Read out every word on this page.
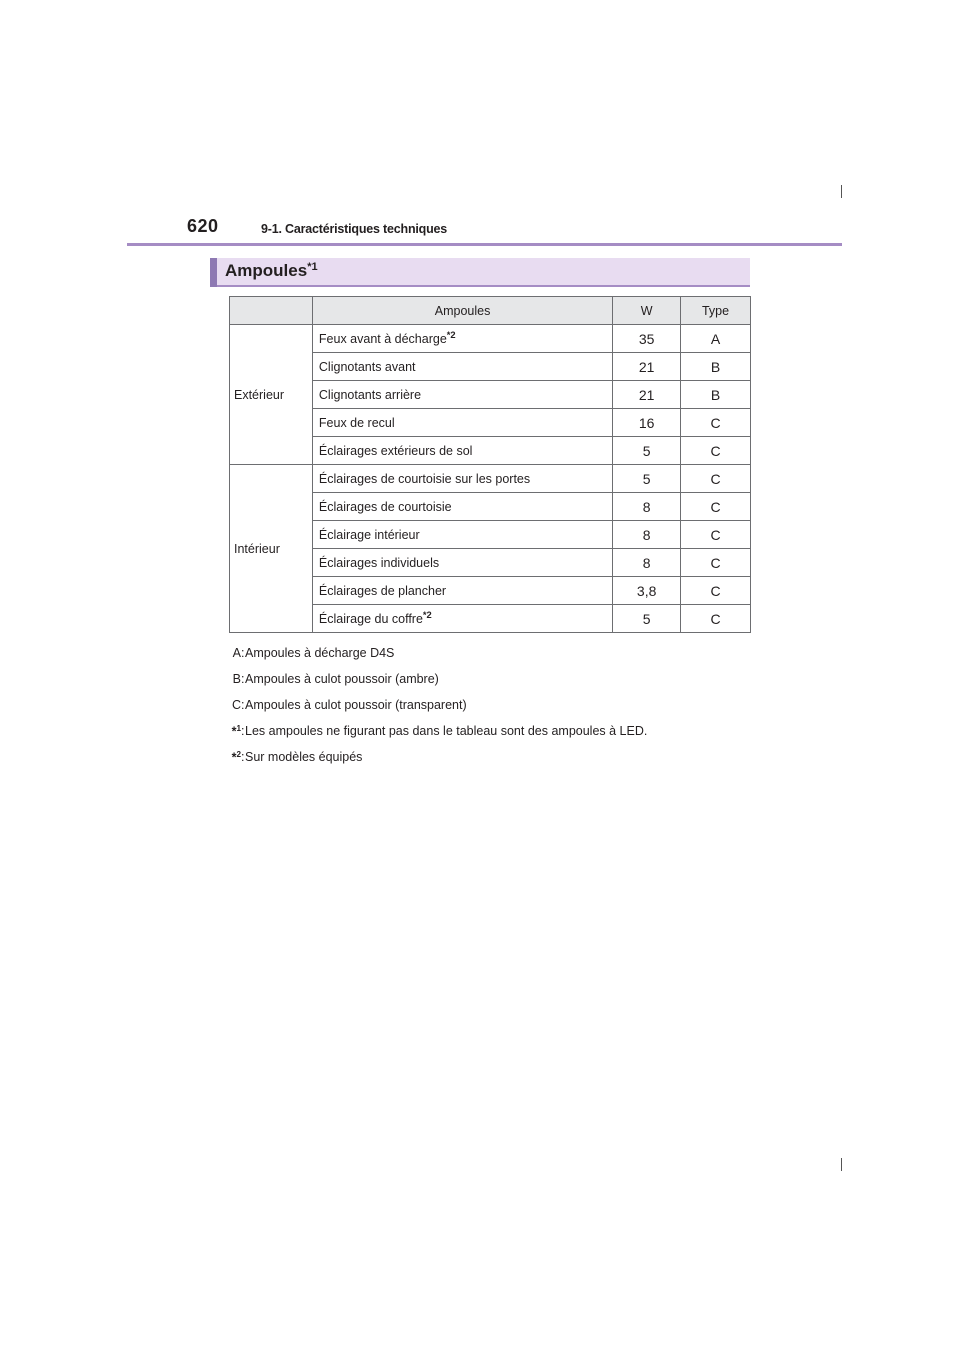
620	9-1. Caractéristiques techniques
Ampoules$^{*1}$
	Ampoules	W	Type
Extérieur	Feux avant à décharge$^{*2}$	35	A
	Clignotants avant	21	B
	Clignotants arrière	21	B
	Feux de recul	16	C
	Éclairages extérieurs de sol	5	C
Intérieur	Éclairages de courtoisie sur les portes	5	C
	Éclairages de courtoisie	8	C
	Éclairage intérieur	8	C
	Éclairages individuels	8	C
	Éclairages de plancher	3,8	C
	Éclairage du coffre$^{*2}$	5	C
A : Ampoules à décharge D4S
B : Ampoules à culot poussoir (ambre)
C : Ampoules à culot poussoir (transparent)
*$^1$ : Les ampoules ne figurant pas dans le tableau sont des ampoules à LED.
*$^2$ : Sur modèles équipés
